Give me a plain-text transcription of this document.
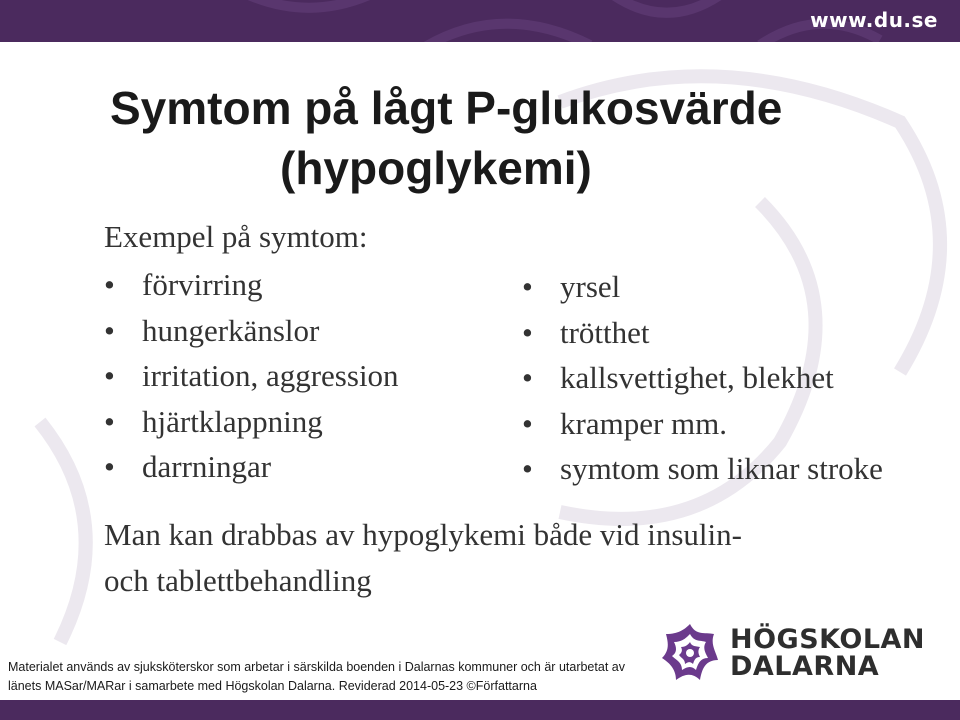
www.du.se
Symtom på lågt P-glukosvärde
(hypoglykemi)
Exempel på symtom:
• förvirring
• hungerkänslor
• irritation, aggression
• hjärtklappning
• darrningar
• yrsel
• trötthet
• kallsvettighet, blekhet
• kramper mm.
• symtom som liknar stroke
Man kan drabbas av hypoglykemi både vid insulin-
och tablettbehandling
Materialet används av sjuksköterskor som arbetar i särskilda boenden i Dalarnas kommuner och är utarbetat av
länets MASar/MARar i samarbete med Högskolan Dalarna. Reviderad 2014-05-23 ©Författarna
HÖGSKOLAN
DALARNA
